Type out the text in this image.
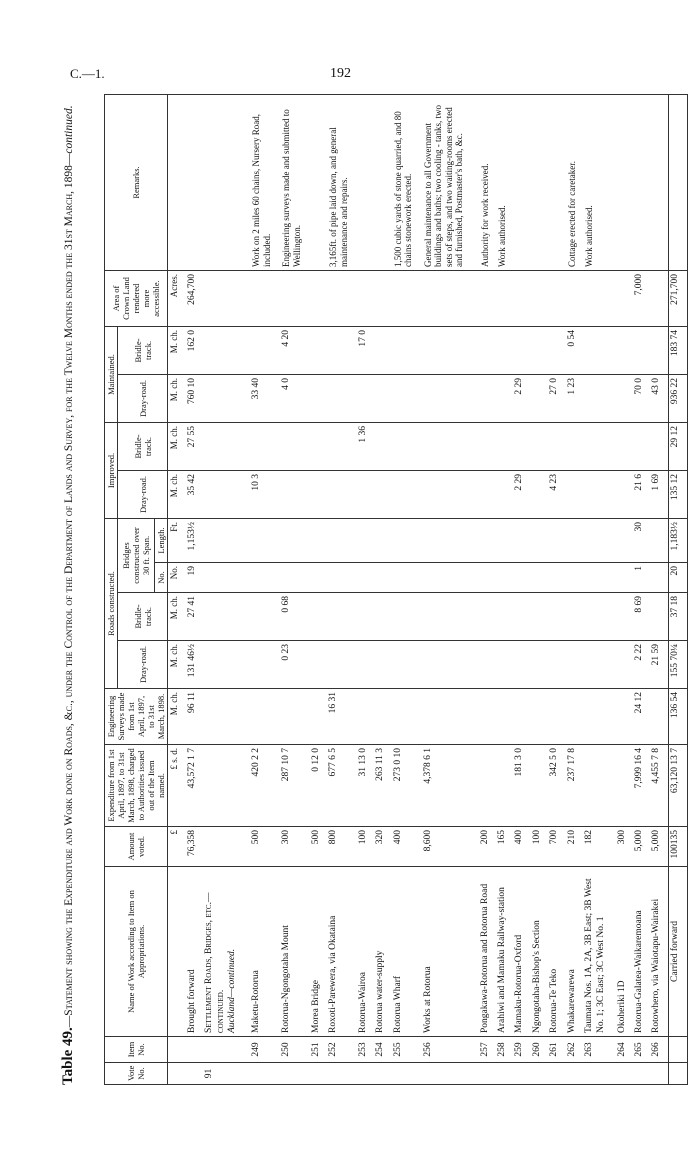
C.—1.	192
Table 49.—Statement showing the Expenditure and Work done on Roads, &c., under the Control of the Department of Lands and Survey, for the Twelve Months ended the 31st March, 1898—continued.
Vote No.	Item No.	Name of Work according to Item on Appropriations.	Amount voted.	Expenditure from 1st April, 1897, to 31st March, 1898, charged to Authorities issued out of the Item named.	Engineering Surveys made from 1st April, 1897, to 31st March, 1898.	Roads constructed.				Improved.		Maintained.		Area of Crown Land rendered more accessible.	Remarks.
						Dray-road.	Bridle-track.	Bridges constructed over 30 ft. Span.		Dray-road.	Bridle-track.	Dray-road.	Bridle-track.		
								No.	Length.						
			£	£ s. d.	M. ch.	M. ch.	M. ch.	No.	Ft.	M. ch.	M. ch.	M. ch.	M. ch.	Acres.	
		Brought forward	76,358	43,572 1 7	96 11	131 46½	27 41	19	1,153½	35 42	27 55	760 10	162 0	264,700	
91		Settlement Roads, Bridges, etc.—continued. Auckland—continued.													
	249	Maketu-Rotorua	500	420 2 2						10 3		33 40			Work on 2 miles 60 chains, Nursery Road, included.
	250	Rotorua-Ngongotaha Mount	300	287 10 7		0 23	0 68					4 0	4 20		Engineering surveys made and submitted to Wellington.
	251	Morea Bridge	500	0 12 0											
	252	Roxoti-Parewera, via Okataina	800	677 6 5	16 31										3,165ft. of pipe laid down, and general maintenance and repairs.
	253	Rotorua-Wairoa	100	31 13 0							1 36		17 0		
	254	Rotorua water-supply	320	263 11 3											
	255	Rotorua Wharf	400	273 0 10											1,500 cubic yards of stone quarried, and 80 chains stonework erected.
	256	Works at Rotorua	8,600	4,378 6 1											General maintenance to all Government buildings and baths; two cooling - tanks, two sets of steps, and two waiting-rooms erected and furnished, Postmaster's bath, &c.
	257	Pongakawa-Rotorua and Rotorua Road	200												Authority for work received.
	258	Arahiwi and Mamaku Railway-station	165												Work authorised.
	259	Mamaku-Rotorua-Oxford	400	181 3 0						2 29		2 29			
	260	Ngongotaha-Bishop's Section	100												
	261	Rotorua-Te Teko	700	342 5 0						4 23		27 0			
	262	Whakarewarewa	210	237 17 8								1 23	0 54		Cottage erected for caretaker.
	263	Taumata Nos. 1A, 2A, 3B East; 3B West No. 1; 3C East; 3C West No. 1	182												Work authorised.
	264	Okoheriki 1D	300												
	265	Rotorua-Galatea-Waikaremoana	5,000	7,999 16 4	24 12	2 22	8 69	1	30	21 6		70 0		7,000	
	266	Rotowhero, via Waiotapu-Wairakei	5,000	4,455 7 8		21 59				1 69		43 0			
		Carried forward	100135	63,120 13 7	136 54	155 70¼	37 18	20	1,183½	135 12	29 12	936 22	183 74	271,700	
